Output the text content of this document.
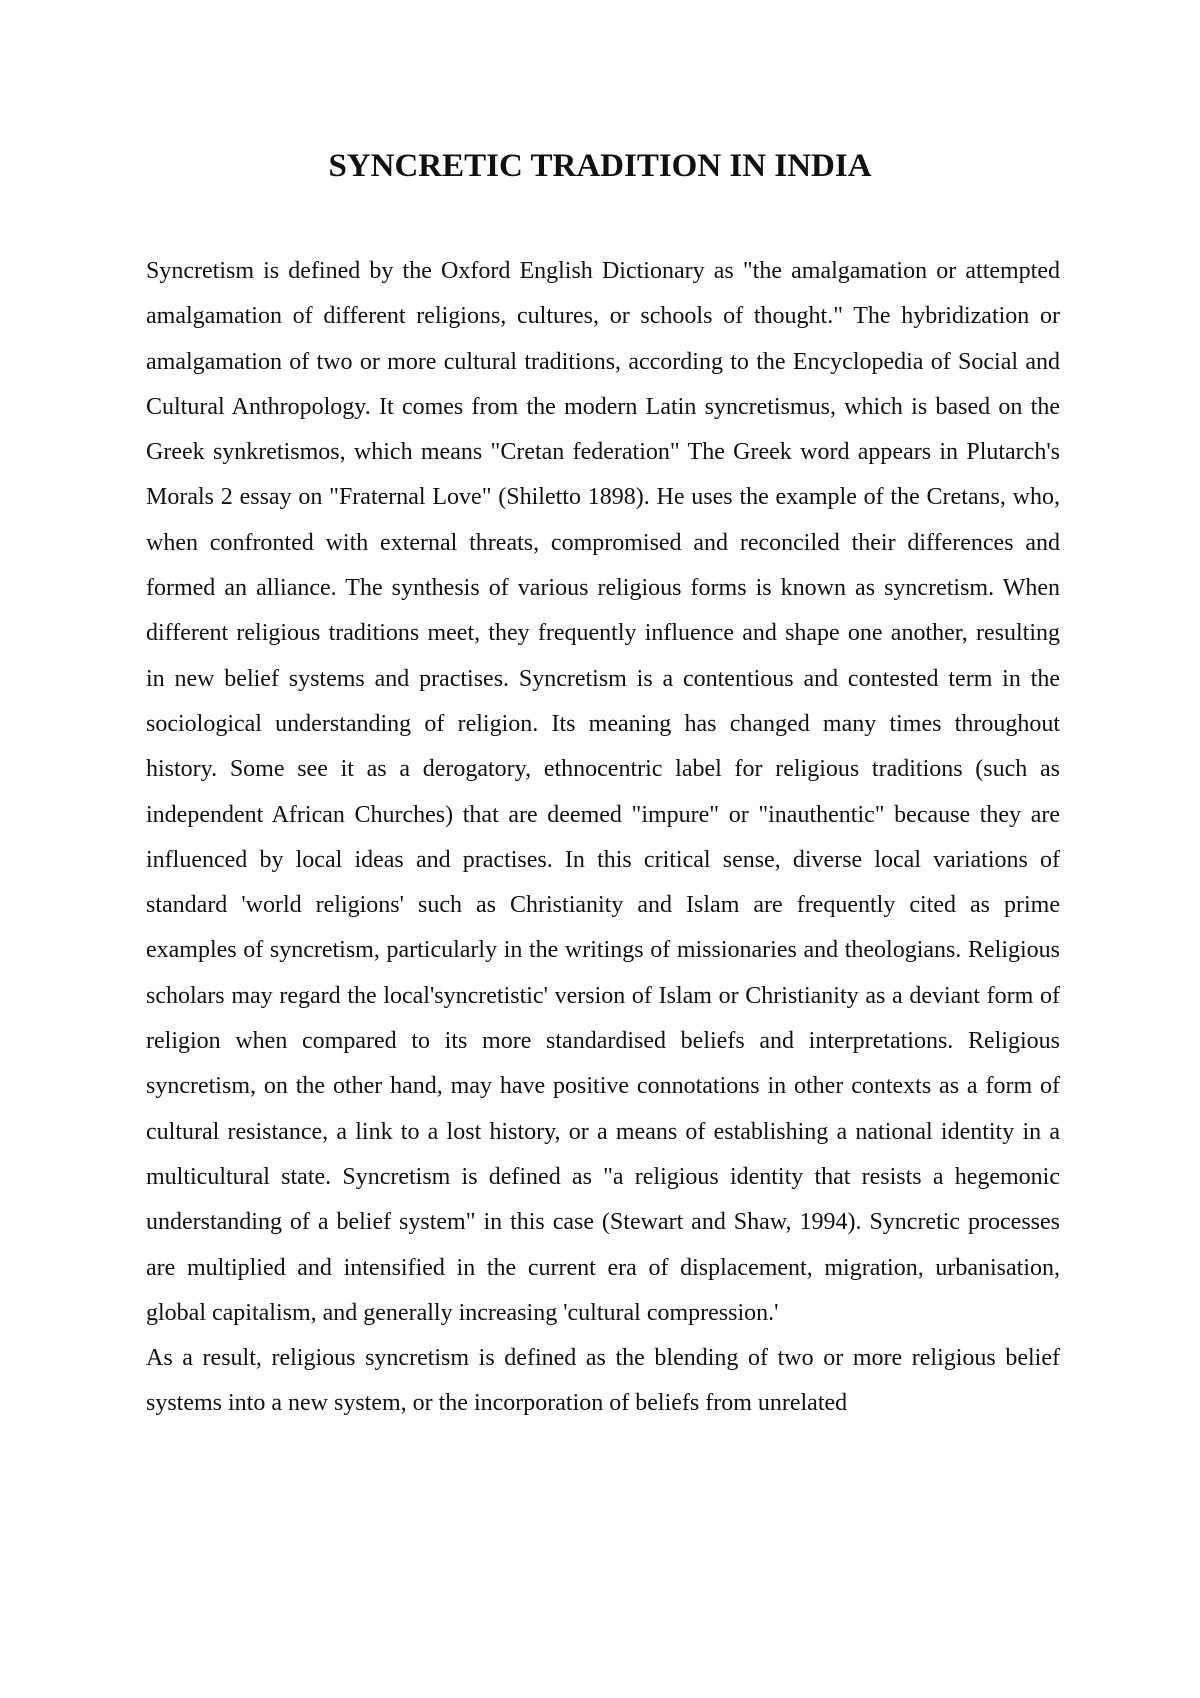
SYNCRETIC TRADITION IN INDIA

Syncretism is defined by the Oxford English Dictionary as "the amalgamation or attempted amalgamation of different religions, cultures, or schools of thought." The hybridization or amalgamation of two or more cultural traditions, according to the Encyclopedia of Social and Cultural Anthropology. It comes from the modern Latin syncretismus, which is based on the Greek synkretismos, which means "Cretan federation" The Greek word appears in Plutarch's Morals 2 essay on "Fraternal Love" (Shiletto 1898). He uses the example of the Cretans, who, when confronted with external threats, compromised and reconciled their differences and formed an alliance. The synthesis of various religious forms is known as syncretism. When different religious traditions meet, they frequently influence and shape one another, resulting in new belief systems and practises. Syncretism is a contentious and contested term in the sociological understanding of religion. Its meaning has changed many times throughout history. Some see it as a derogatory, ethnocentric label for religious traditions (such as independent African Churches) that are deemed "impure" or "inauthentic" because they are influenced by local ideas and practises. In this critical sense, diverse local variations of standard 'world religions' such as Christianity and Islam are frequently cited as prime examples of syncretism, particularly in the writings of missionaries and theologians. Religious scholars may regard the local'syncretistic' version of Islam or Christianity as a deviant form of religion when compared to its more standardised beliefs and interpretations. Religious syncretism, on the other hand, may have positive connotations in other contexts as a form of cultural resistance, a link to a lost history, or a means of establishing a national identity in a multicultural state. Syncretism is defined as "a religious identity that resists a hegemonic understanding of a belief system" in this case (Stewart and Shaw, 1994). Syncretic processes are multiplied and intensified in the current era of displacement, migration, urbanisation, global capitalism, and generally increasing 'cultural compression.'

As a result, religious syncretism is defined as the blending of two or more religious belief systems into a new system, or the incorporation of beliefs from unrelated
